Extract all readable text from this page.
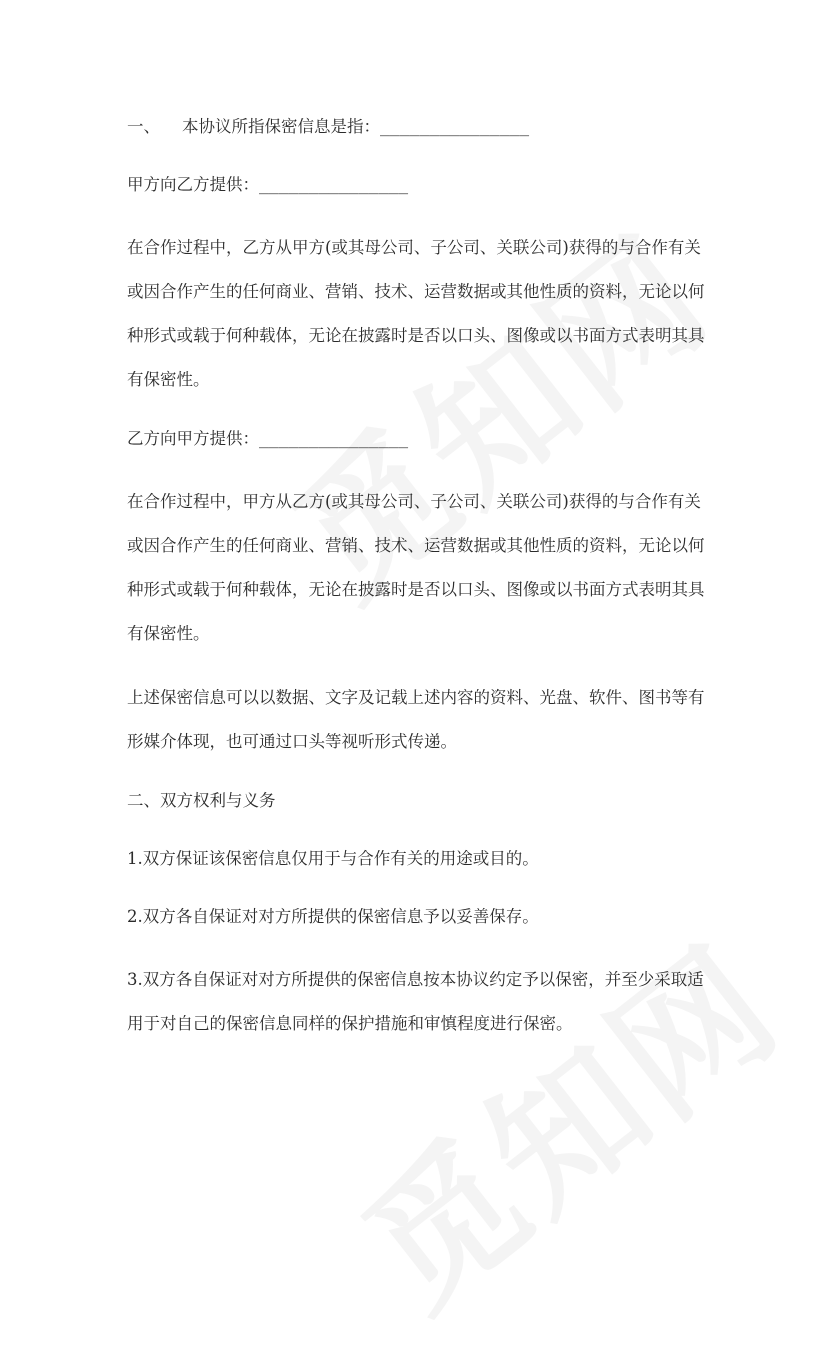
一、 本协议所指保密信息是指：_______________
甲方向乙方提供：_______________
在合作过程中，乙方从甲方(或其母公司、子公司、关联公司)获得的与合作有关
或因合作产生的任何商业、营销、技术、运营数据或其他性质的资料，无论以何
种形式或载于何种载体，无论在披露时是否以口头、图像或以书面方式表明其具
有保密性。
乙方向甲方提供：_______________
在合作过程中，甲方从乙方(或其母公司、子公司、关联公司)获得的与合作有关
或因合作产生的任何商业、营销、技术、运营数据或其他性质的资料，无论以何
种形式或载于何种载体，无论在披露时是否以口头、图像或以书面方式表明其具
有保密性。
上述保密信息可以以数据、文字及记载上述内容的资料、光盘、软件、图书等有
形媒介体现，也可通过口头等视听形式传递。
二、双方权利与义务
1.双方保证该保密信息仅用于与合作有关的用途或目的。
2.双方各自保证对对方所提供的保密信息予以妥善保存。
3.双方各自保证对对方所提供的保密信息按本协议约定予以保密，并至少采取适
用于对自己的保密信息同样的保护措施和审慎程度进行保密。
